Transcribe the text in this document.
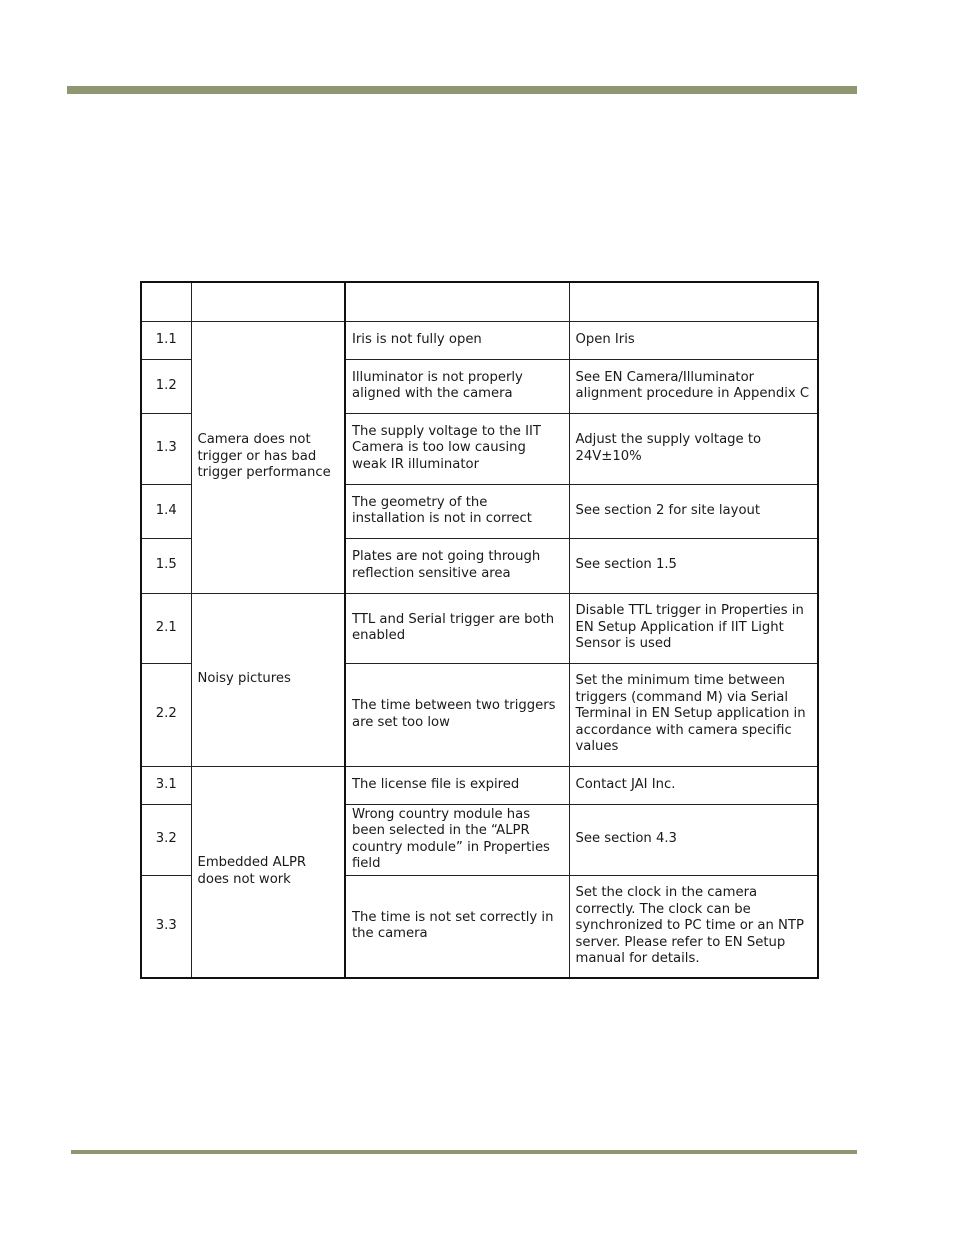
1.1	Camera does not trigger or has bad trigger performance	Iris is not fully open	Open Iris
1.2		Illuminator is not properly aligned with the camera	See EN Camera/Illuminator alignment procedure in Appendix C
1.3		The supply voltage to the IIT Camera is too low causing weak IR illuminator	Adjust the supply voltage to 24V±10%
1.4		The geometry of the installation is not in correct	See section 2 for site layout
1.5		Plates are not going through reflection sensitive area	See section 1.5
2.1	Noisy pictures	TTL and Serial trigger are both enabled	Disable TTL trigger in Properties in EN Setup Application if IIT Light Sensor is used
2.2		The time between two triggers are set too low	Set the minimum time between triggers (command M) via Serial Terminal in EN Setup application in accordance with camera specific values
3.1	Embedded ALPR does not work	The license file is expired	Contact JAI Inc.
3.2		Wrong country module has been selected in the “ALPR country module” in Properties field	See section 4.3
3.3		The time is not set correctly in the camera	Set the clock in the camera correctly. The clock can be synchronized to PC time or an NTP server. Please refer to EN Setup manual for details.
